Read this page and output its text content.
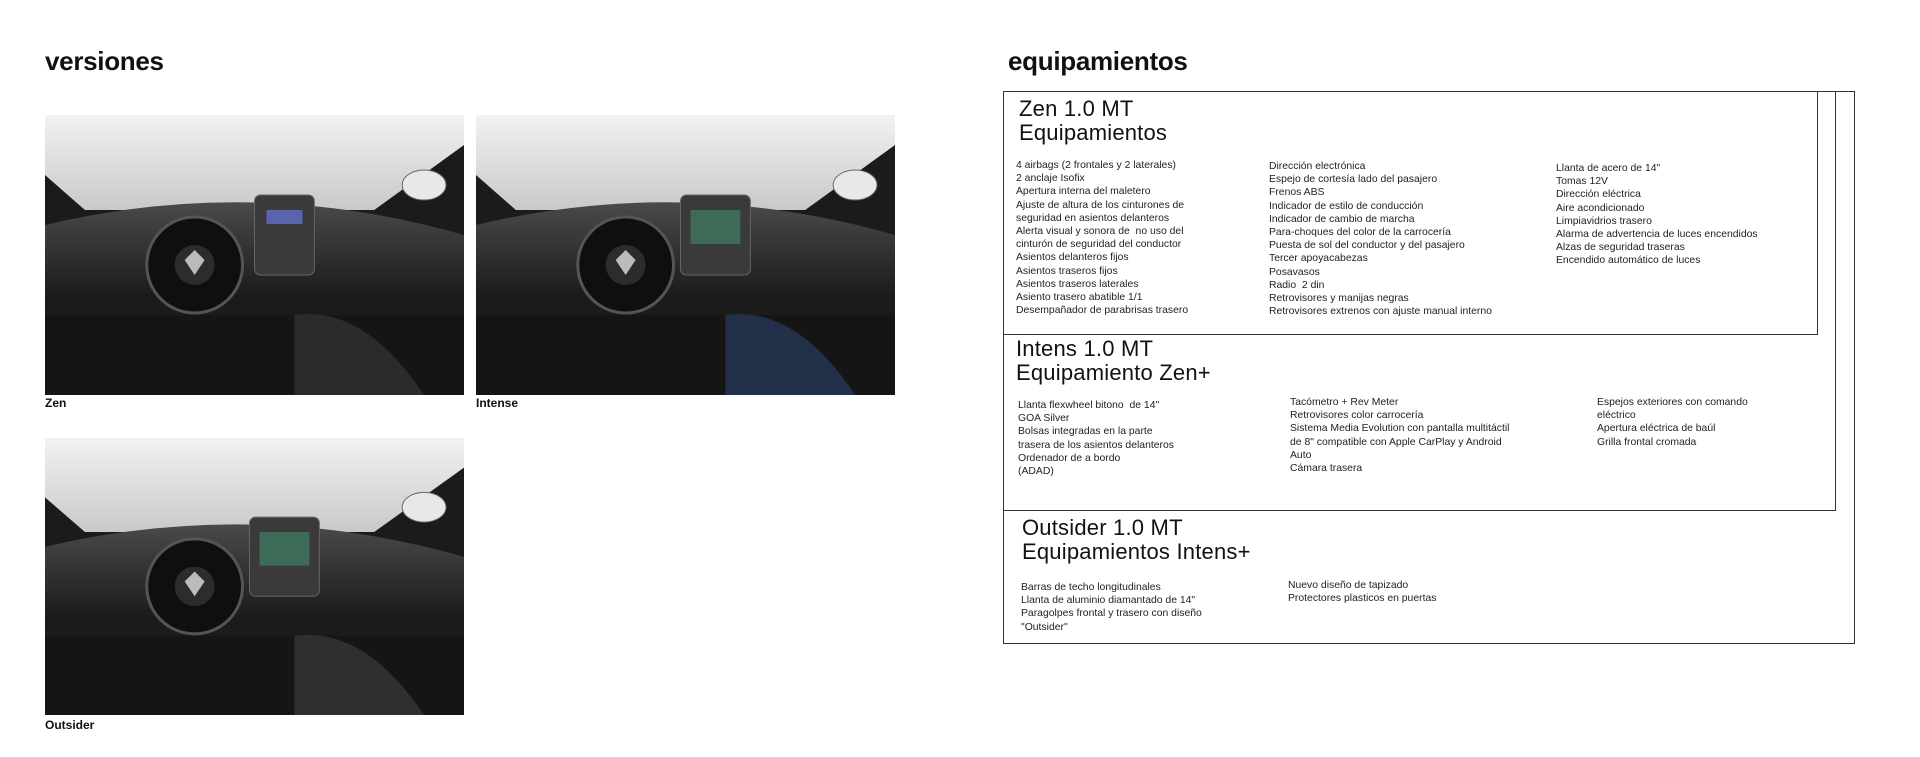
versiones
Zen	Intense
Outsider
equipamientos
Zen 1.0 MT
Equipamientos
4 airbags (2 frontales y 2 laterales)
2 anclaje Isofix
Apertura interna del maletero
Ajuste de altura de los cinturones de
seguridad en asientos delanteros
Alerta visual y sonora de  no uso del
cinturón de seguridad del conductor
Asientos delanteros fijos
Asientos traseros fijos
Asientos traseros laterales
Asiento trasero abatible 1/1
Desempañador de parabrisas trasero
Dirección electrónica
Espejo de cortesía lado del pasajero
Frenos ABS
Indicador de estilo de conducción
Indicador de cambio de marcha
Para-choques del color de la carrocería
Puesta de sol del conductor y del pasajero
Tercer apoyacabezas
Posavasos
Radio  2 din
Retrovisores y manijas negras
Retrovisores extrenos con ajuste manual interno
Llanta de acero de 14"
Tomas 12V
Dirección eléctrica
Aire acondicionado
Limpiavidrios trasero
Alarma de advertencia de luces encendidos
Alzas de seguridad traseras
Encendido automático de luces
Intens 1.0 MT
Equipamiento Zen+
Llanta flexwheel bitono  de 14"
GOA Silver
Bolsas integradas en la parte
trasera de los asientos delanteros
Ordenador de a bordo
(ADAD)
Tacómetro + Rev Meter
Retrovisores color carrocería
Sistema Media Evolution con pantalla multitáctil
de 8" compatible con Apple CarPlay y Android
Auto
Cámara trasera
Espejos exteriores con comando
eléctrico
Apertura eléctrica de baúl
Grilla frontal cromada
Outsider 1.0 MT
Equipamientos Intens+
Barras de techo longitudinales
Llanta de aluminio diamantado de 14"
Paragolpes frontal y trasero con diseño
"Outsider"
Nuevo diseño de tapizado
Protectores plasticos en puertas
